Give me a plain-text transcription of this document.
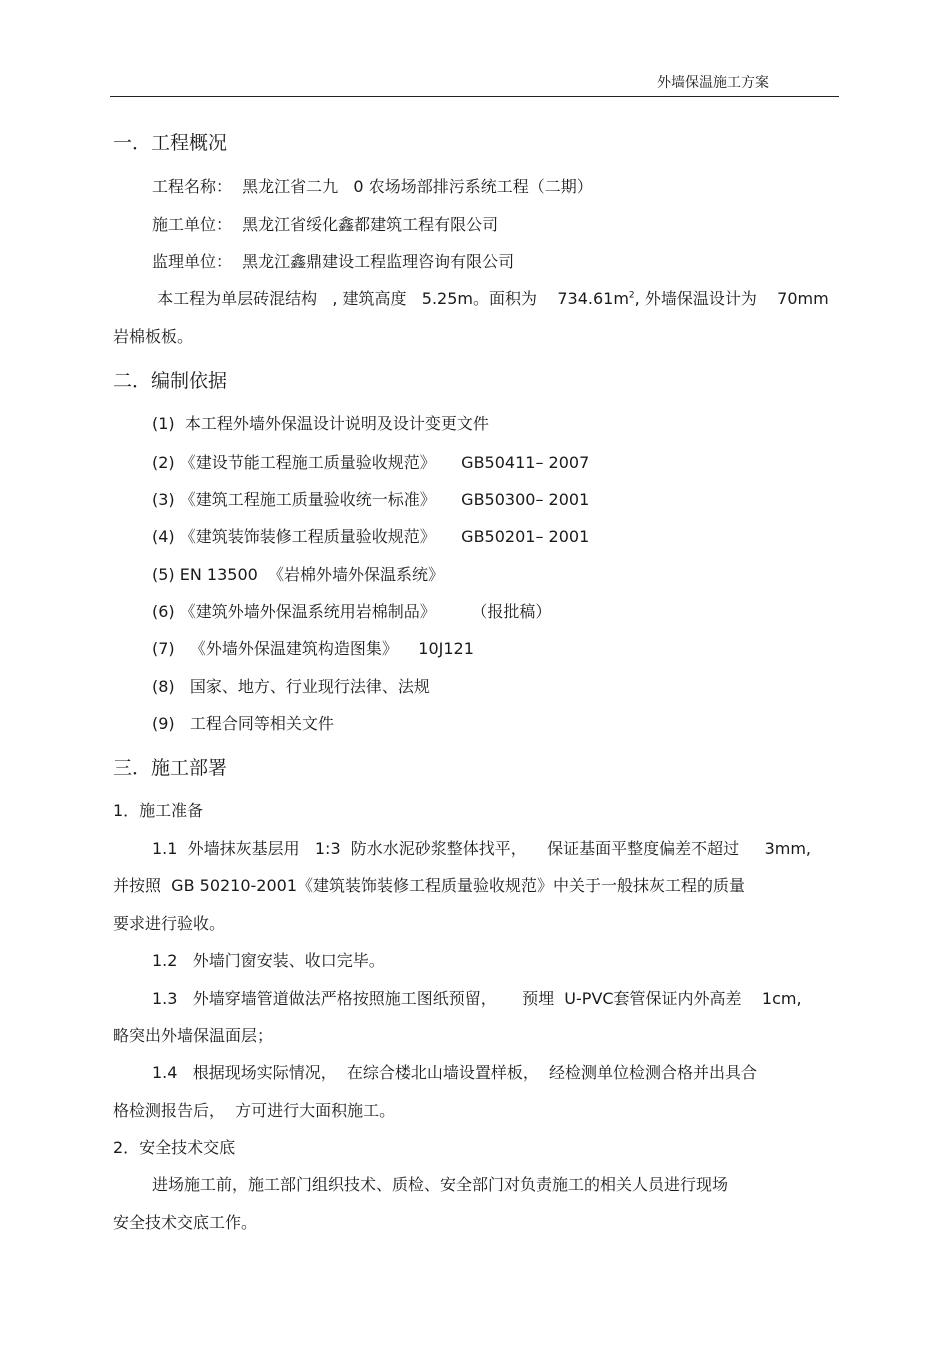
外墙保温施工方案
一．工程概况
工程名称：  黑龙江省二九   0 农场场部排污系统工程（二期）
施工单位：  黑龙江省绥化鑫都建筑工程有限公司
监理单位：  黑龙江鑫鼎建设工程监理咨询有限公司
本工程为单层砖混结构   , 建筑高度   5.25m。面积为    $734.61m^2$, 外墙保温设计为    70mm
岩棉板板。
二．编制依据
(1)  本工程外墙外保温设计说明及设计变更文件
(2) 《建设节能工程施工质量验收规范》     GB50411– 2007
(3) 《建筑工程施工质量验收统一标准》     GB50300– 2001
(4) 《建筑装饰装修工程质量验收规范》     GB50201– 2001
(5) EN 13500  《岩棉外墙外保温系统》
(6) 《建筑外墙外保温系统用岩棉制品》       （报批稿）
(7)   《外墙外保温建筑构造图集》    10J121
(8)   国家、地方、行业现行法律、法规
(9)   工程合同等相关文件
三．施工部署
1．施工准备
1.1  外墙抹灰基层用   1:3  防水水泥砂浆整体找平，    保证基面平整度偏差不超过     3mm,
并按照  GB 50210-2001《建筑装饰装修工程质量验收规范》中关于一般抹灰工程的质量
要求进行验收。
1.2   外墙门窗安装、收口完毕。
1.3   外墙穿墙管道做法严格按照施工图纸预留，     预埋  U-PVC套管保证内外高差    1cm,
略突出外墙保温面层；
1.4   根据现场实际情况，  在综合楼北山墙设置样板，  经检测单位检测合格并出具合
格检测报告后，  方可进行大面积施工。
2．安全技术交底
进场施工前，施工部门组织技术、质检、安全部门对负责施工的相关人员进行现场
安全技术交底工作。
